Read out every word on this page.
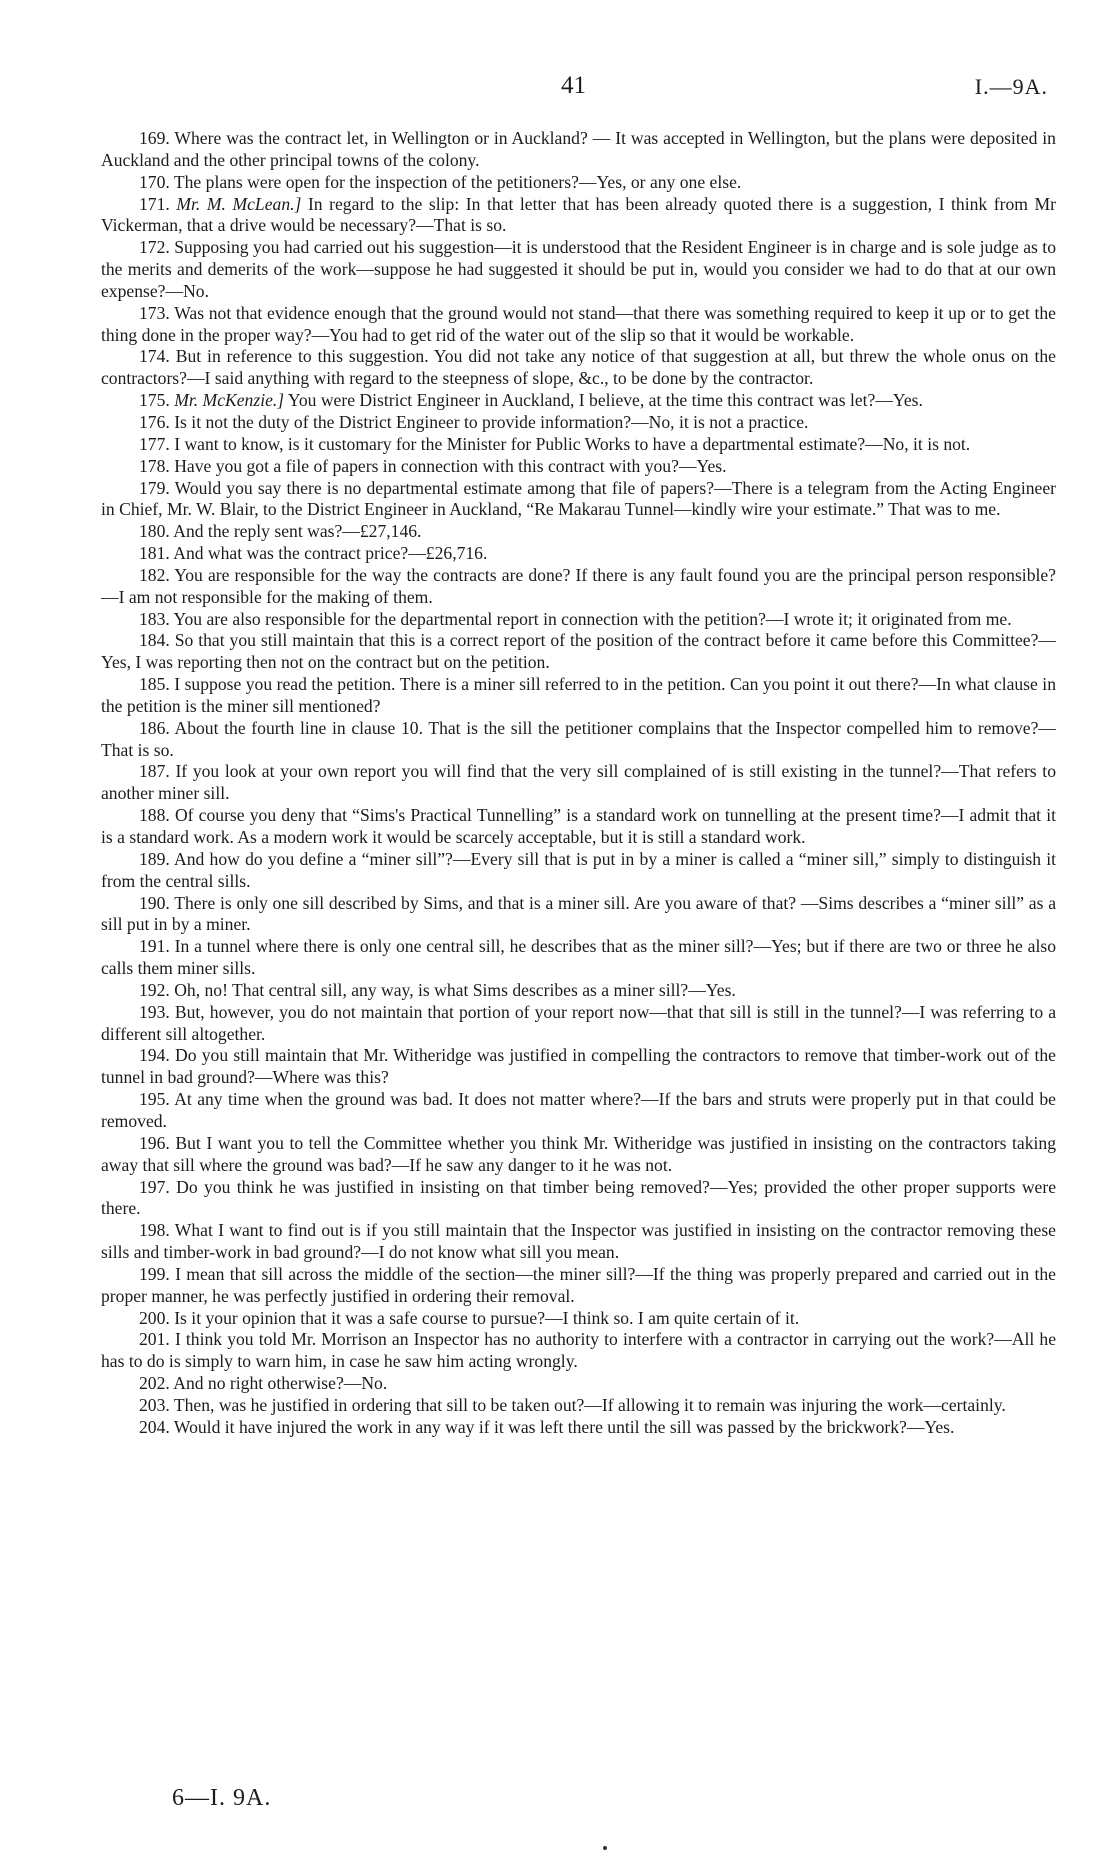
41	I.—9A.

169. Where was the contract let, in Wellington or in Auckland? — It was accepted in Wellington, but the plans were deposited in Auckland and the other principal towns of the colony.

170. The plans were open for the inspection of the petitioners?—Yes, or any one else.

171. Mr. M. McLean.] In regard to the slip: In that letter that has been already quoted there is a suggestion, I think from Mr Vickerman, that a drive would be necessary?—That is so.

172. Supposing you had carried out his suggestion—it is understood that the Resident Engineer is in charge and is sole judge as to the merits and demerits of the work—suppose he had suggested it should be put in, would you consider we had to do that at our own expense?—No.

173. Was not that evidence enough that the ground would not stand—that there was something required to keep it up or to get the thing done in the proper way?—You had to get rid of the water out of the slip so that it would be workable.

174. But in reference to this suggestion. You did not take any notice of that suggestion at all, but threw the whole onus on the contractors?—I said anything with regard to the steepness of slope, &c., to be done by the contractor.

175. Mr. McKenzie.] You were District Engineer in Auckland, I believe, at the time this contract was let?—Yes.

176. Is it not the duty of the District Engineer to provide information?—No, it is not a practice.

177. I want to know, is it customary for the Minister for Public Works to have a departmental estimate?—No, it is not.

178. Have you got a file of papers in connection with this contract with you?—Yes.

179. Would you say there is no departmental estimate among that file of papers?—There is a telegram from the Acting Engineer in Chief, Mr. W. Blair, to the District Engineer in Auckland, “Re Makarau Tunnel—kindly wire your estimate.” That was to me.

180. And the reply sent was?—£27,146.

181. And what was the contract price?—£26,716.

182. You are responsible for the way the contracts are done? If there is any fault found you are the principal person responsible?—I am not responsible for the making of them.

183. You are also responsible for the departmental report in connection with the petition?—I wrote it; it originated from me.

184. So that you still maintain that this is a correct report of the position of the contract before it came before this Committee?—Yes, I was reporting then not on the contract but on the petition.

185. I suppose you read the petition. There is a miner sill referred to in the petition. Can you point it out there?—In what clause in the petition is the miner sill mentioned?

186. About the fourth line in clause 10. That is the sill the petitioner complains that the Inspector compelled him to remove?—That is so.

187. If you look at your own report you will find that the very sill complained of is still existing in the tunnel?—That refers to another miner sill.

188. Of course you deny that “Sims's Practical Tunnelling” is a standard work on tunnelling at the present time?—I admit that it is a standard work. As a modern work it would be scarcely acceptable, but it is still a standard work.

189. And how do you define a “miner sill”?—Every sill that is put in by a miner is called a “miner sill,” simply to distinguish it from the central sills.

190. There is only one sill described by Sims, and that is a miner sill. Are you aware of that? —Sims describes a “miner sill” as a sill put in by a miner.

191. In a tunnel where there is only one central sill, he describes that as the miner sill?—Yes; but if there are two or three he also calls them miner sills.

192. Oh, no! That central sill, any way, is what Sims describes as a miner sill?—Yes.

193. But, however, you do not maintain that portion of your report now—that that sill is still in the tunnel?—I was referring to a different sill altogether.

194. Do you still maintain that Mr. Witheridge was justified in compelling the contractors to remove that timber-work out of the tunnel in bad ground?—Where was this?

195. At any time when the ground was bad. It does not matter where?—If the bars and struts were properly put in that could be removed.

196. But I want you to tell the Committee whether you think Mr. Witheridge was justified in insisting on the contractors taking away that sill where the ground was bad?—If he saw any danger to it he was not.

197. Do you think he was justified in insisting on that timber being removed?—Yes; provided the other proper supports were there.

198. What I want to find out is if you still maintain that the Inspector was justified in insisting on the contractor removing these sills and timber-work in bad ground?—I do not know what sill you mean.

199. I mean that sill across the middle of the section—the miner sill?—If the thing was properly prepared and carried out in the proper manner, he was perfectly justified in ordering their removal.

200. Is it your opinion that it was a safe course to pursue?—I think so. I am quite certain of it.

201. I think you told Mr. Morrison an Inspector has no authority to interfere with a contractor in carrying out the work?—All he has to do is simply to warn him, in case he saw him acting wrongly.

202. And no right otherwise?—No.

203. Then, was he justified in ordering that sill to be taken out?—If allowing it to remain was injuring the work—certainly.

204. Would it have injured the work in any way if it was left there until the sill was passed by the brickwork?—Yes.

6—I. 9A.
